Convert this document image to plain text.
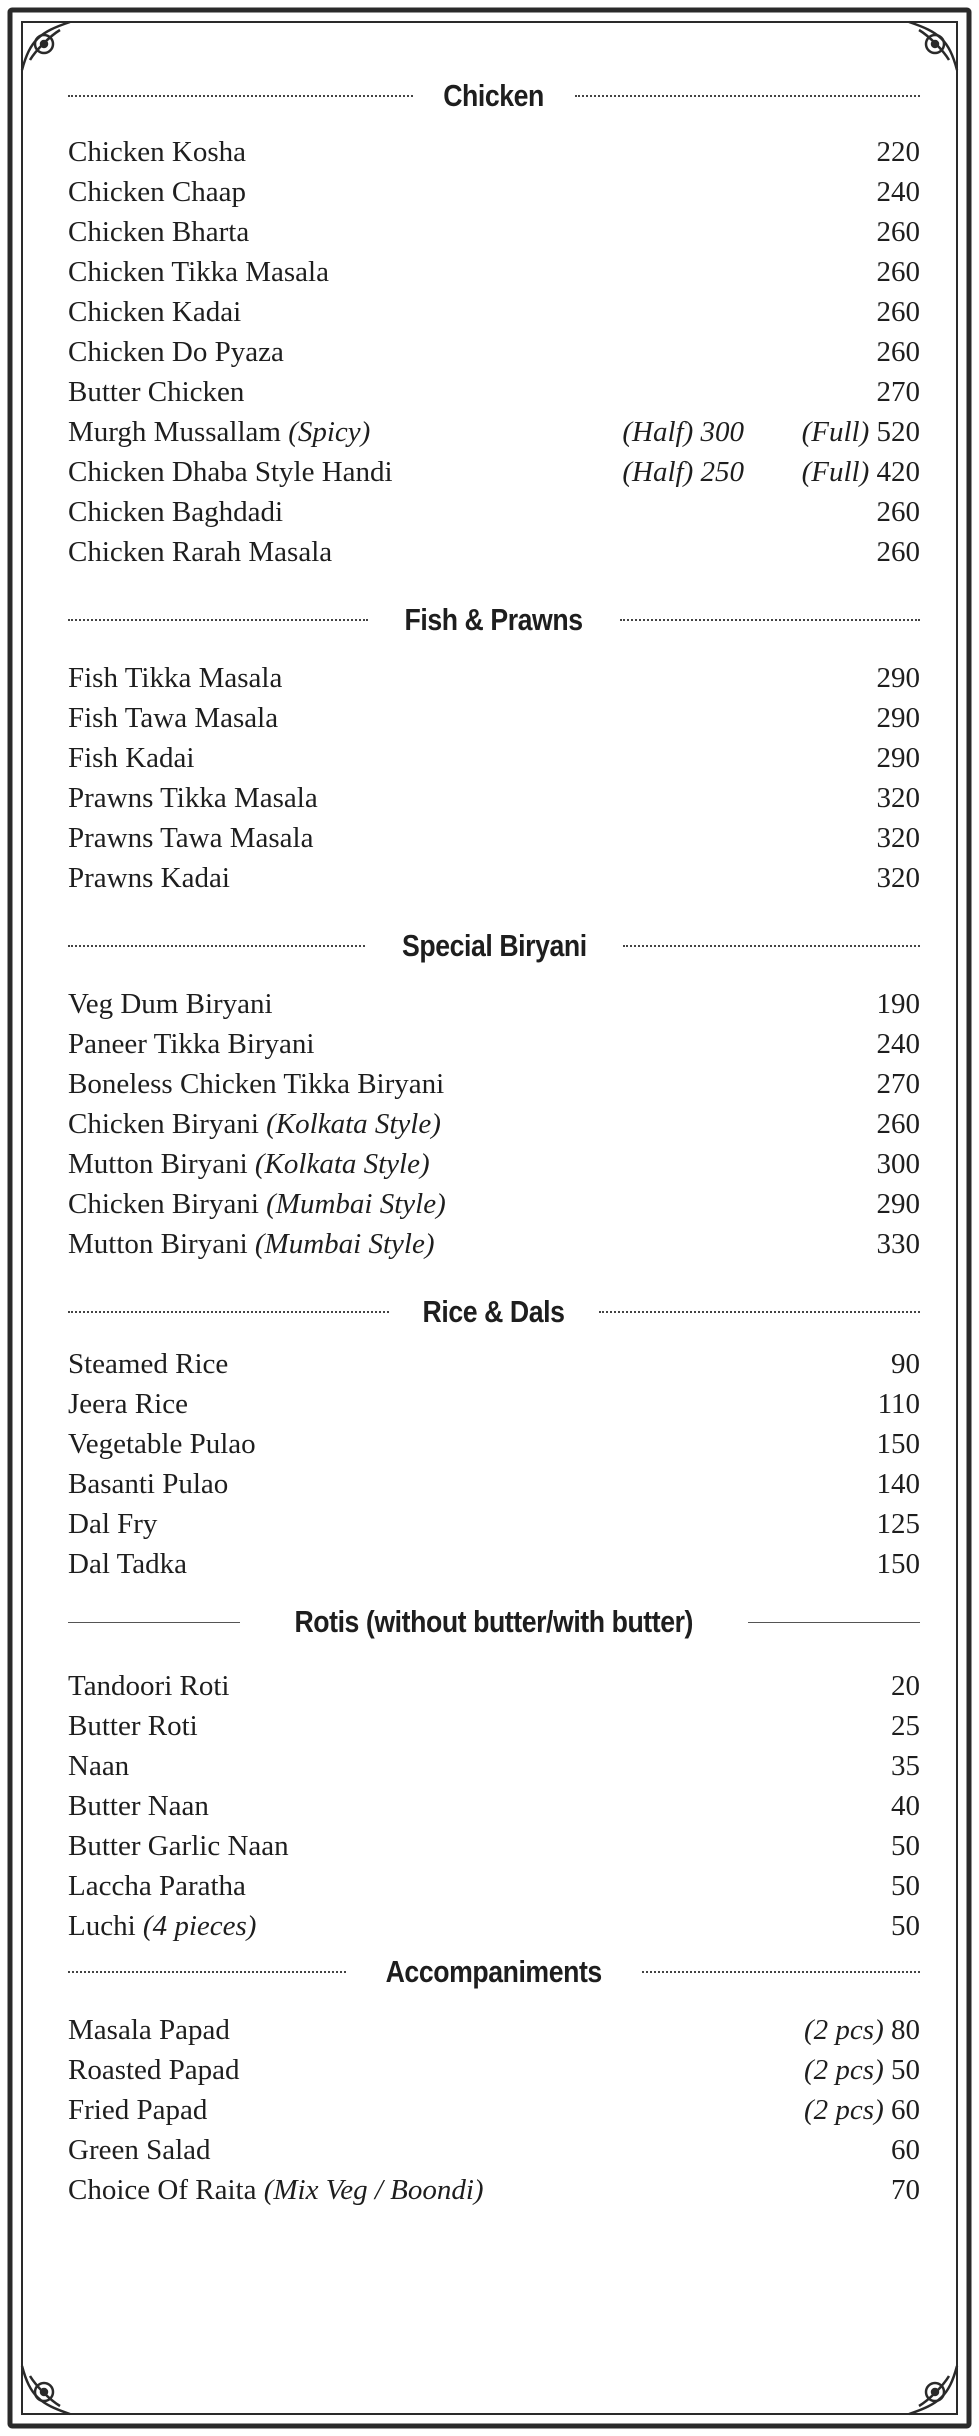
Chicken
Chicken Kosha	220
Chicken Chaap	240
Chicken Bharta	260
Chicken Tikka Masala	260
Chicken Kadai	260
Chicken Do Pyaza	260
Butter Chicken	270
Murgh Mussallam (Spicy)	(Half) 300 (Full) 520
Chicken Dhaba Style Handi	(Half) 250 (Full) 420
Chicken Baghdadi	260
Chicken Rarah Masala	260
Fish & Prawns
Fish Tikka Masala	290
Fish Tawa Masala	290
Fish Kadai	290
Prawns Tikka Masala	320
Prawns Tawa Masala	320
Prawns Kadai	320
Special Biryani
Veg Dum Biryani	190
Paneer Tikka Biryani	240
Boneless Chicken Tikka Biryani	270
Chicken Biryani (Kolkata Style)	260
Mutton Biryani (Kolkata Style)	300
Chicken Biryani (Mumbai Style)	290
Mutton Biryani (Mumbai Style)	330
Rice & Dals
Steamed Rice	90
Jeera Rice	110
Vegetable Pulao	150
Basanti Pulao	140
Dal Fry	125
Dal Tadka	150
Rotis (without butter/with butter)
Tandoori Roti	20
Butter Roti	25
Naan	35
Butter Naan	40
Butter Garlic Naan	50
Laccha Paratha	50
Luchi (4 pieces)	50
Accompaniments
Masala Papad	(2 pcs) 80
Roasted Papad	(2 pcs) 50
Fried Papad	(2 pcs) 60
Green Salad	60
Choice Of Raita (Mix Veg / Boondi)	70
